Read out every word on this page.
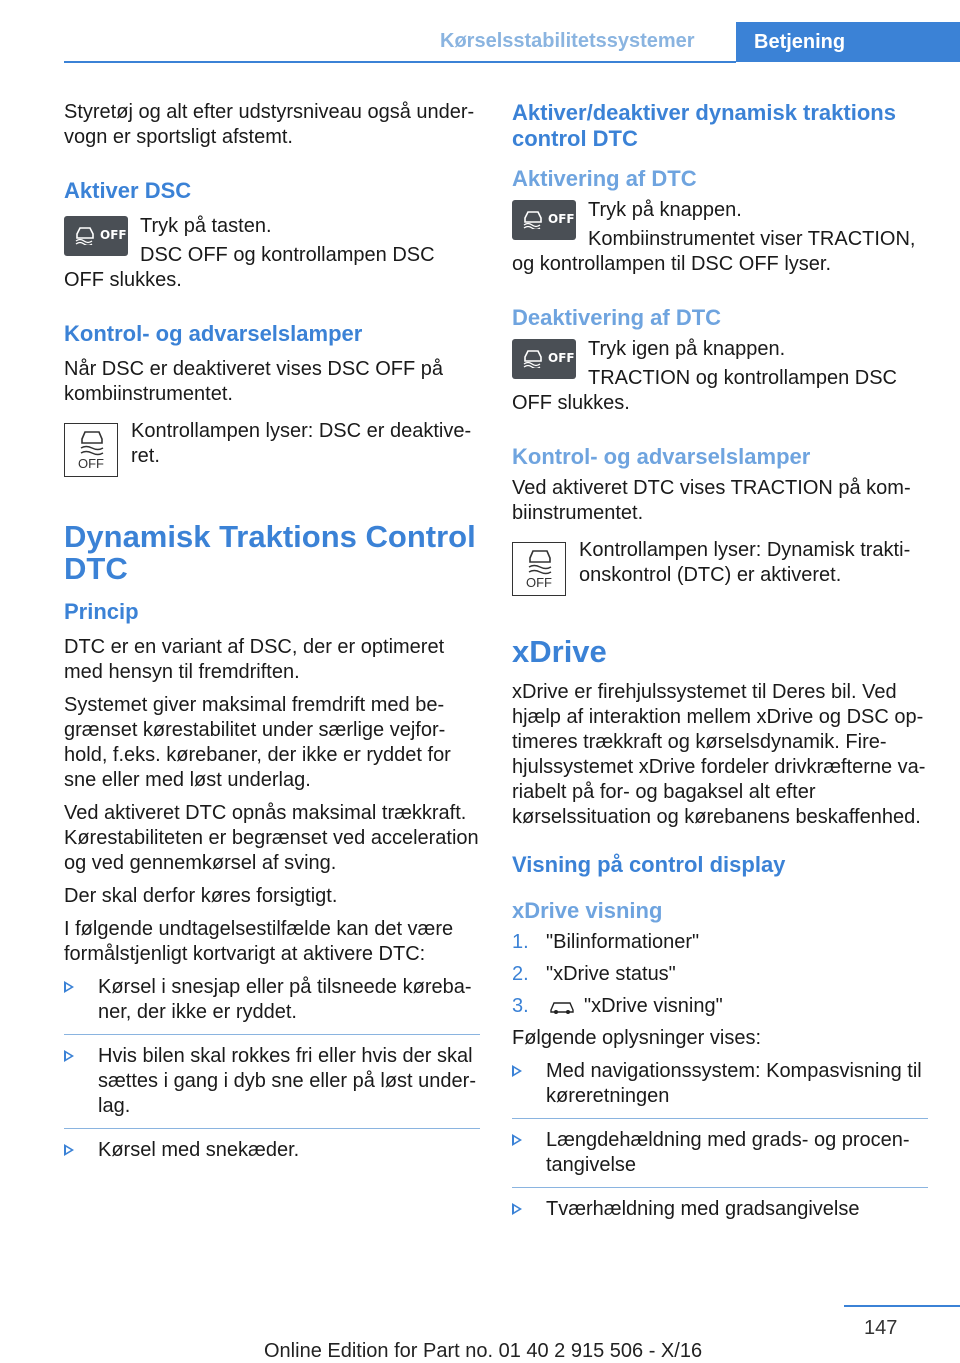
Kørselsstabilitetssystemer	Betjening

Styretøj og alt efter udstyrsniveau også undervogn er sportsligt afstemt.

Aktiver DSC
OFF Tryk på tasten.

DSC OFF og kontrollampen DSC OFF slukkes.

Kontrol- og advarselslamper

Når DSC er deaktiveret vises DSC OFF på kombiinstrumentet.

OFF

Kontrollampen lyser: DSC er deaktiveret.

Dynamisk Traktions Control DTC
Princip

DTC er en variant af DSC, der er optimeret med hensyn til fremdriften.

Systemet giver maksimal fremdrift med begrænset kørestabilitet under særlige vejforhold, f.eks. kørebaner, der ikke er ryddet for sne eller med løst underlag.

Ved aktiveret DTC opnås maksimal trækkraft. Kørestabiliteten er begrænset ved acceleration og ved gennemkørsel af sving.

Der skal derfor køres forsigtigt.

I følgende undtagelsestilfælde kan det være formålstjenligt kortvarigt at aktivere DTC:

Kørsel i snesjap eller på tilsneede kørebaner, der ikke er ryddet.
Hvis bilen skal rokkes fri eller hvis der skal sættes i gang i dyb sne eller på løst underlag.
Kørsel med snekæder.
Aktiver/deaktiver dynamisk traktions control DTC
Aktivering af DTC
OFF Tryk på knappen.

Kombiinstrumentet viser TRACTION, og kontrollampen til DSC OFF lyser.

Deaktivering af DTC
OFF Tryk igen på knappen.

TRACTION og kontrollampen DSC OFF slukkes.

Kontrol- og advarselslamper

Ved aktiveret DTC vises TRACTION på kombiinstrumentet.

OFF

Kontrollampen lyser: Dynamisk traktionskontrol (DTC) er aktiveret.

xDrive

xDrive er firehjulssystemet til Deres bil. Ved hjælp af interaktion mellem xDrive og DSC optimeres trækkraft og kørselsdynamik. Firehjulssystemet xDrive fordeler drivkræfterne variabelt på for- og bagaksel alt efter kørselssituation og kørebanens beskaffenhed.

Visning på control display
xDrive visning
1. "Bilinformationer"
2. "xDrive status"
3.	"xDrive visning"

Følgende oplysninger vises:

Med navigationssystem: Kompasvisning til køreretningen
Længdehældning med grads- og procentangivelse
Tværhældning med gradsangivelse
147
Online Edition for Part no. 01 40 2 915 506 - X/16
